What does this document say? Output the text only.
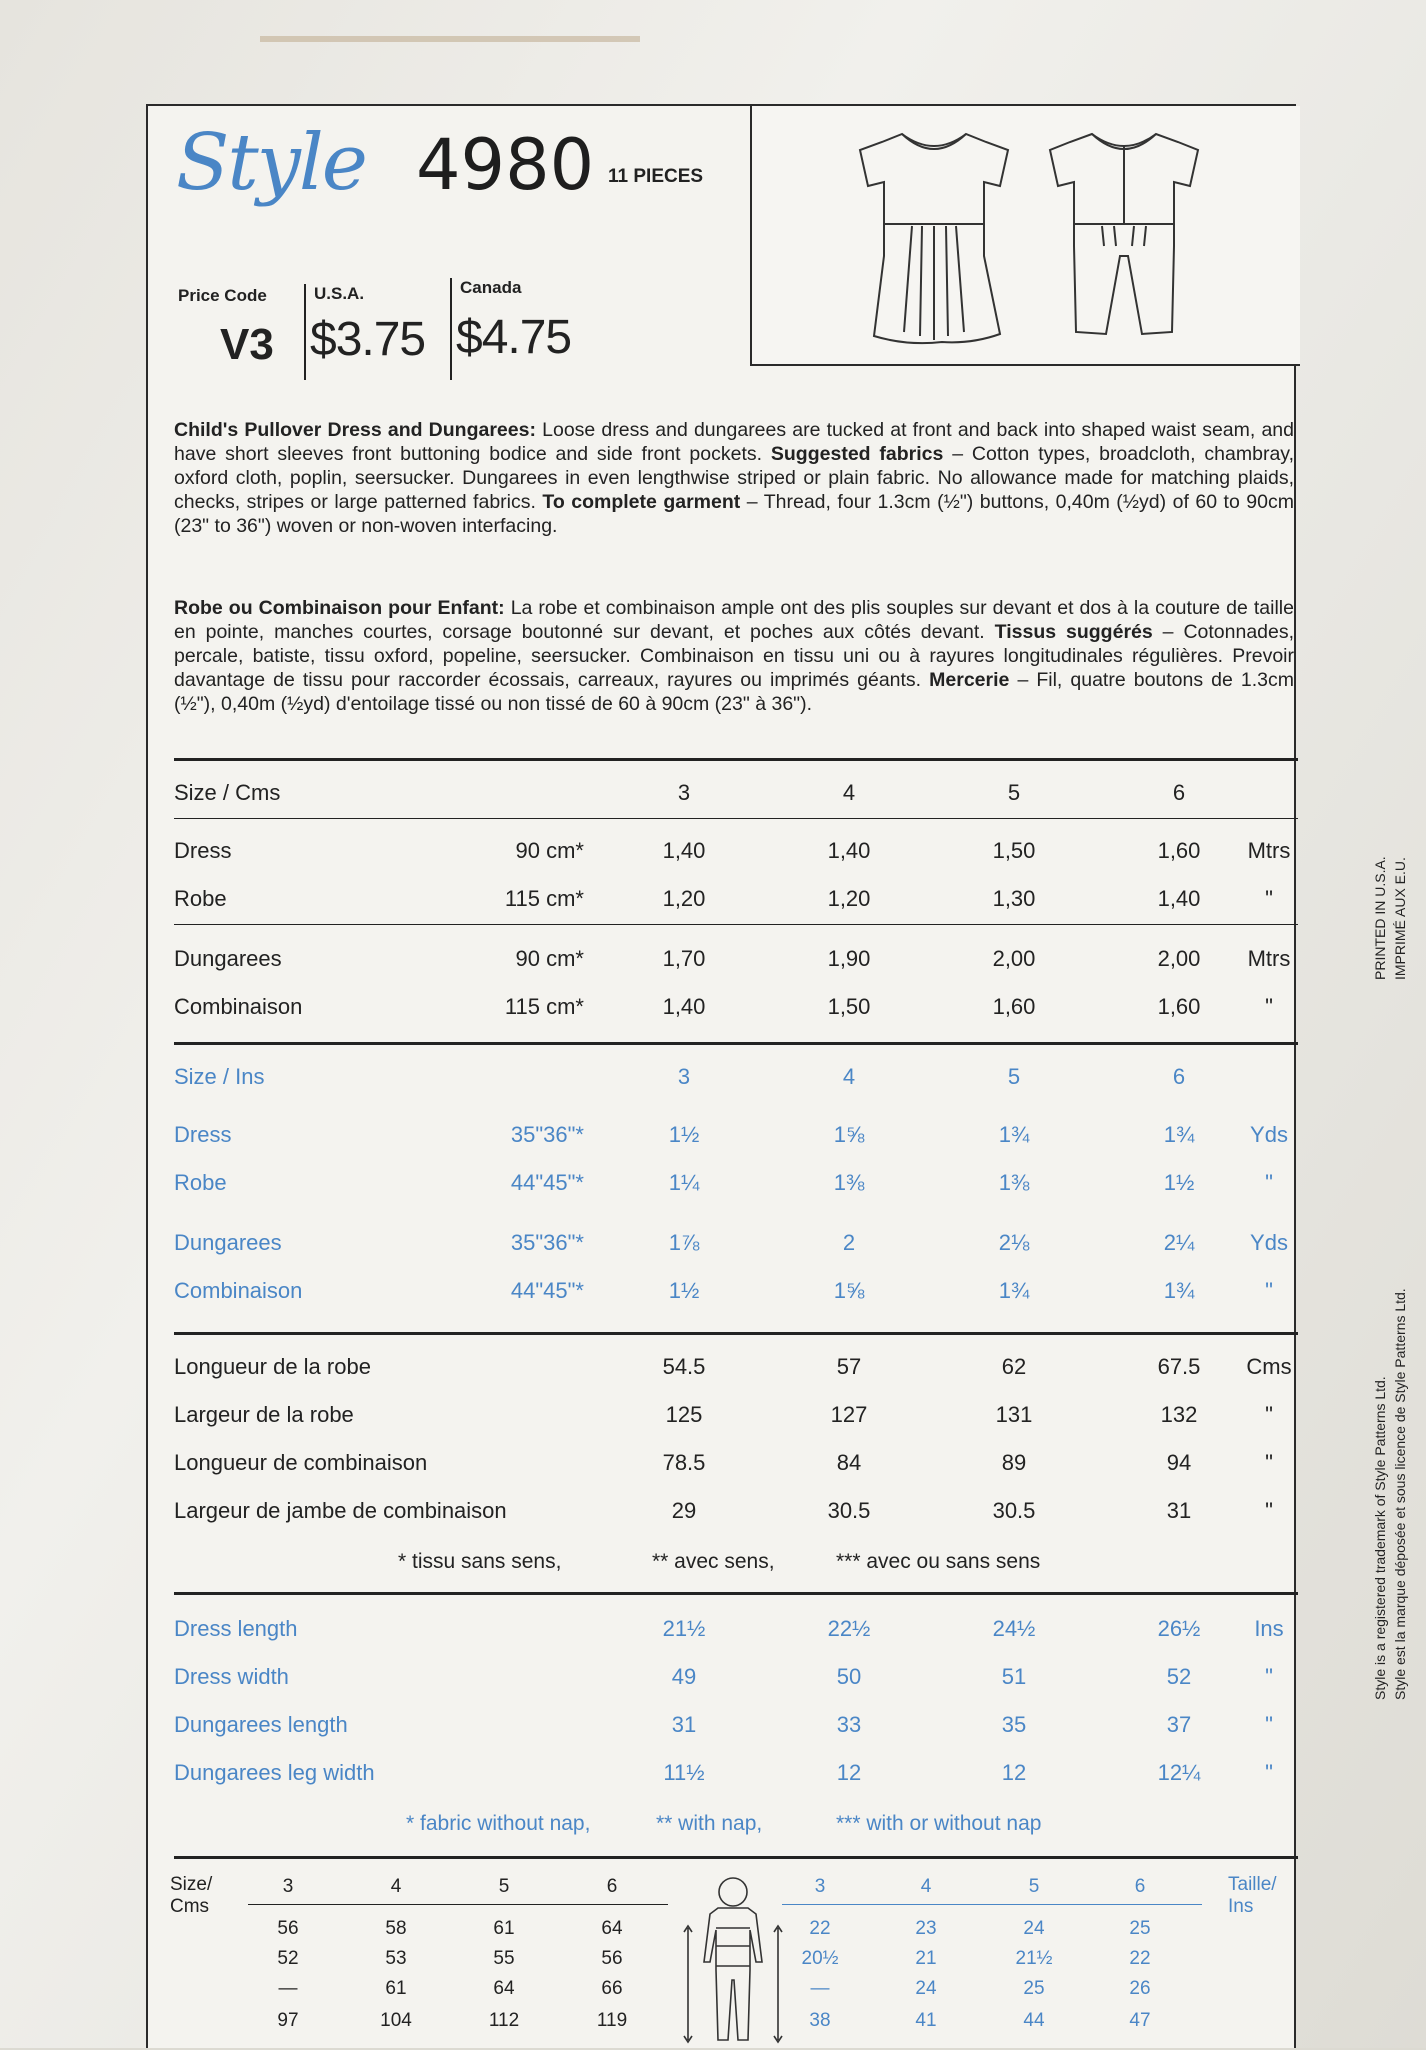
Style 4980 11 PIECES
Price Code
V3
U.S.A.
$3.75
Canada
$4.75
Child's Pullover Dress and Dungarees: Loose dress and dungarees are tucked at front and back into shaped waist seam, and have short sleeves front buttoning bodice and side front pockets. Suggested fabrics – Cotton types, broadcloth, chambray, oxford cloth, poplin, seersucker. Dungarees in even lengthwise striped or plain fabric. No allowance made for matching plaids, checks, stripes or large patterned fabrics. To complete garment – Thread, four 1.3cm (½") buttons, 0,40m (½yd) of 60 to 90cm (23" to 36") woven or non-woven interfacing.
Robe ou Combinaison pour Enfant: La robe et combinaison ample ont des plis souples sur devant et dos à la couture de taille en pointe, manches courtes, corsage boutonné sur devant, et poches aux côtés devant. Tissus suggérés – Cotonnades, percale, batiste, tissu oxford, popeline, seersucker. Combinaison en tissu uni ou à rayures longitudinales régulières. Prevoir davantage de tissu pour raccorder écossais, carreaux, rayures ou imprimés géants. Mercerie – Fil, quatre boutons de 1.3cm (½"), 0,40m (½yd) d'entoilage tissé ou non tissé de 60 à 90cm (23" à 36").
Size / Cms	3	4	5	6
Dress	90 cm*	1,40	1,40	1,50	1,60	Mtrs
Robe	115 cm*	1,20	1,20	1,30	1,40	"
Dungarees	90 cm*	1,70	1,90	2,00	2,00	Mtrs
Combinaison	115 cm*	1,40	1,50	1,60	1,60	"
Size / Ins	3	4	5	6
Dress	35"36"*	1½	1⅝	1¾	1¾	Yds
Robe	44"45"*	1¼	1⅜	1⅜	1½	"
Dungarees	35"36"*	1⅞	2	2⅛	2¼	Yds
Combinaison	44"45"*	1½	1⅝	1¾	1¾	"
Longueur de la robe	54.5	57	62	67.5	Cms
Largeur de la robe	125	127	131	132	"
Longueur de combinaison	78.5	84	89	94	"
Largeur de jambe de combinaison	29	30.5	30.5	31	"
* tissu sans sens,	** avec sens,	*** avec ou sans sens
Dress length	21½	22½	24½	26½	Ins
Dress width	49	50	51	52	"
Dungarees length	31	33	35	37	"
Dungarees leg width	11½	12	12	12¼	"
* fabric without nap,	** with nap,	*** with or without nap
Size/ Cms
3	4	5	6
56	58	61	64
52	53	55	56
—	61	64	66
97	104	112	119
3	4	5	6	Taille/ Ins
22	23	24	25
20½	21	21½	22
—	24	25	26
38	41	44	47
PRINTED IN U.S.A. IMPRIMÉ AUX E.U.
Style is a registered trademark of Style Patterns Ltd. Style est la marque déposée et sous licence de Style Patterns Ltd.
